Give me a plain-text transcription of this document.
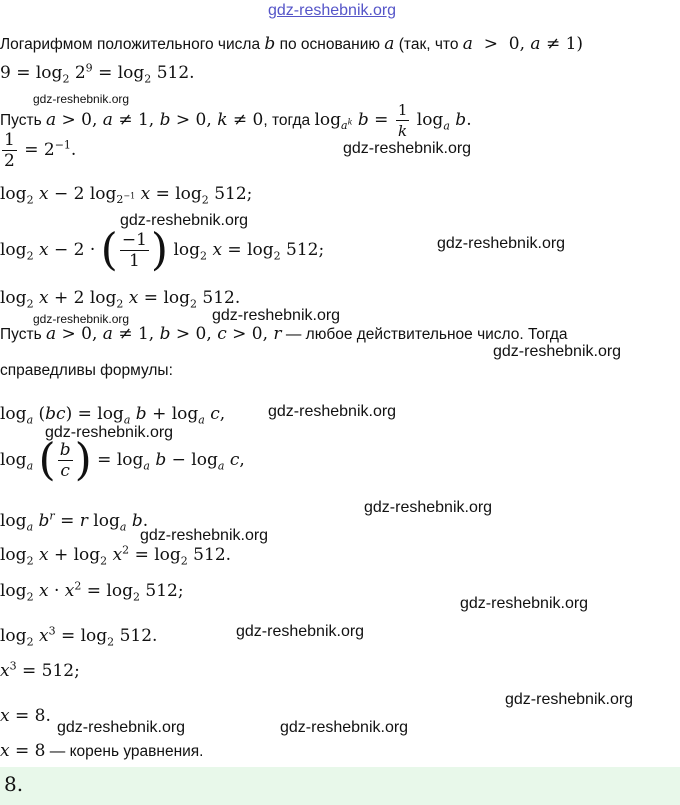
gdz-reshebnik.org
Логарифмом положительного числа b по основанию a (так, что a  >  0, a ≠ 1)
$9 = \log_2 2^9 = \log_2 512$.
gdz-reshebnik.org
Пусть a > 0, a ≠ 1, b > 0, k ≠ 0, тогда $\log_{a^k} b = \frac{1}{k} \log_a b$.
$\frac{1}{2} = 2^{-1}$.	gdz-reshebnik.org
$\log_2 x - 2$ $\log_{2^{-1}} x = \log_2 512$;
gdz-reshebnik.org
$\log_2 x - 2$ · ( $\frac{-1}{1}$ ) $\log_2 x = \log_2 512$;	gdz-reshebnik.org
$\log_2 x + 2$ $\log_2 x = \log_2 512$.
gdz-reshebnik.org	gdz-reshebnik.org
Пусть a > 0, a ≠ 1, b > 0, c > 0, r — любое действительное число. Тогда
gdz-reshebnik.org
справедливы формулы:
$\log_a (bc) = \log_a b + \log_a c$,	gdz-reshebnik.org
gdz-reshebnik.org
$\log_a$ ( $\frac{b}{c}$ ) = $\log_a b - \log_a c$,
gdz-reshebnik.org
$\log_a b^r = r$ $\log_a b$.
gdz-reshebnik.org
$\log_2 x + \log_2 x^2 = \log_2 512$.
$\log_2 x \cdot x^2 = \log_2 512$;
gdz-reshebnik.org
gdz-reshebnik.org
$\log_2 x^3 = \log_2 512$.
$x^3 = 512$;
gdz-reshebnik.org
x = 8.
gdz-reshebnik.org	gdz-reshebnik.org
x = 8 — корень уравнения.
8.
